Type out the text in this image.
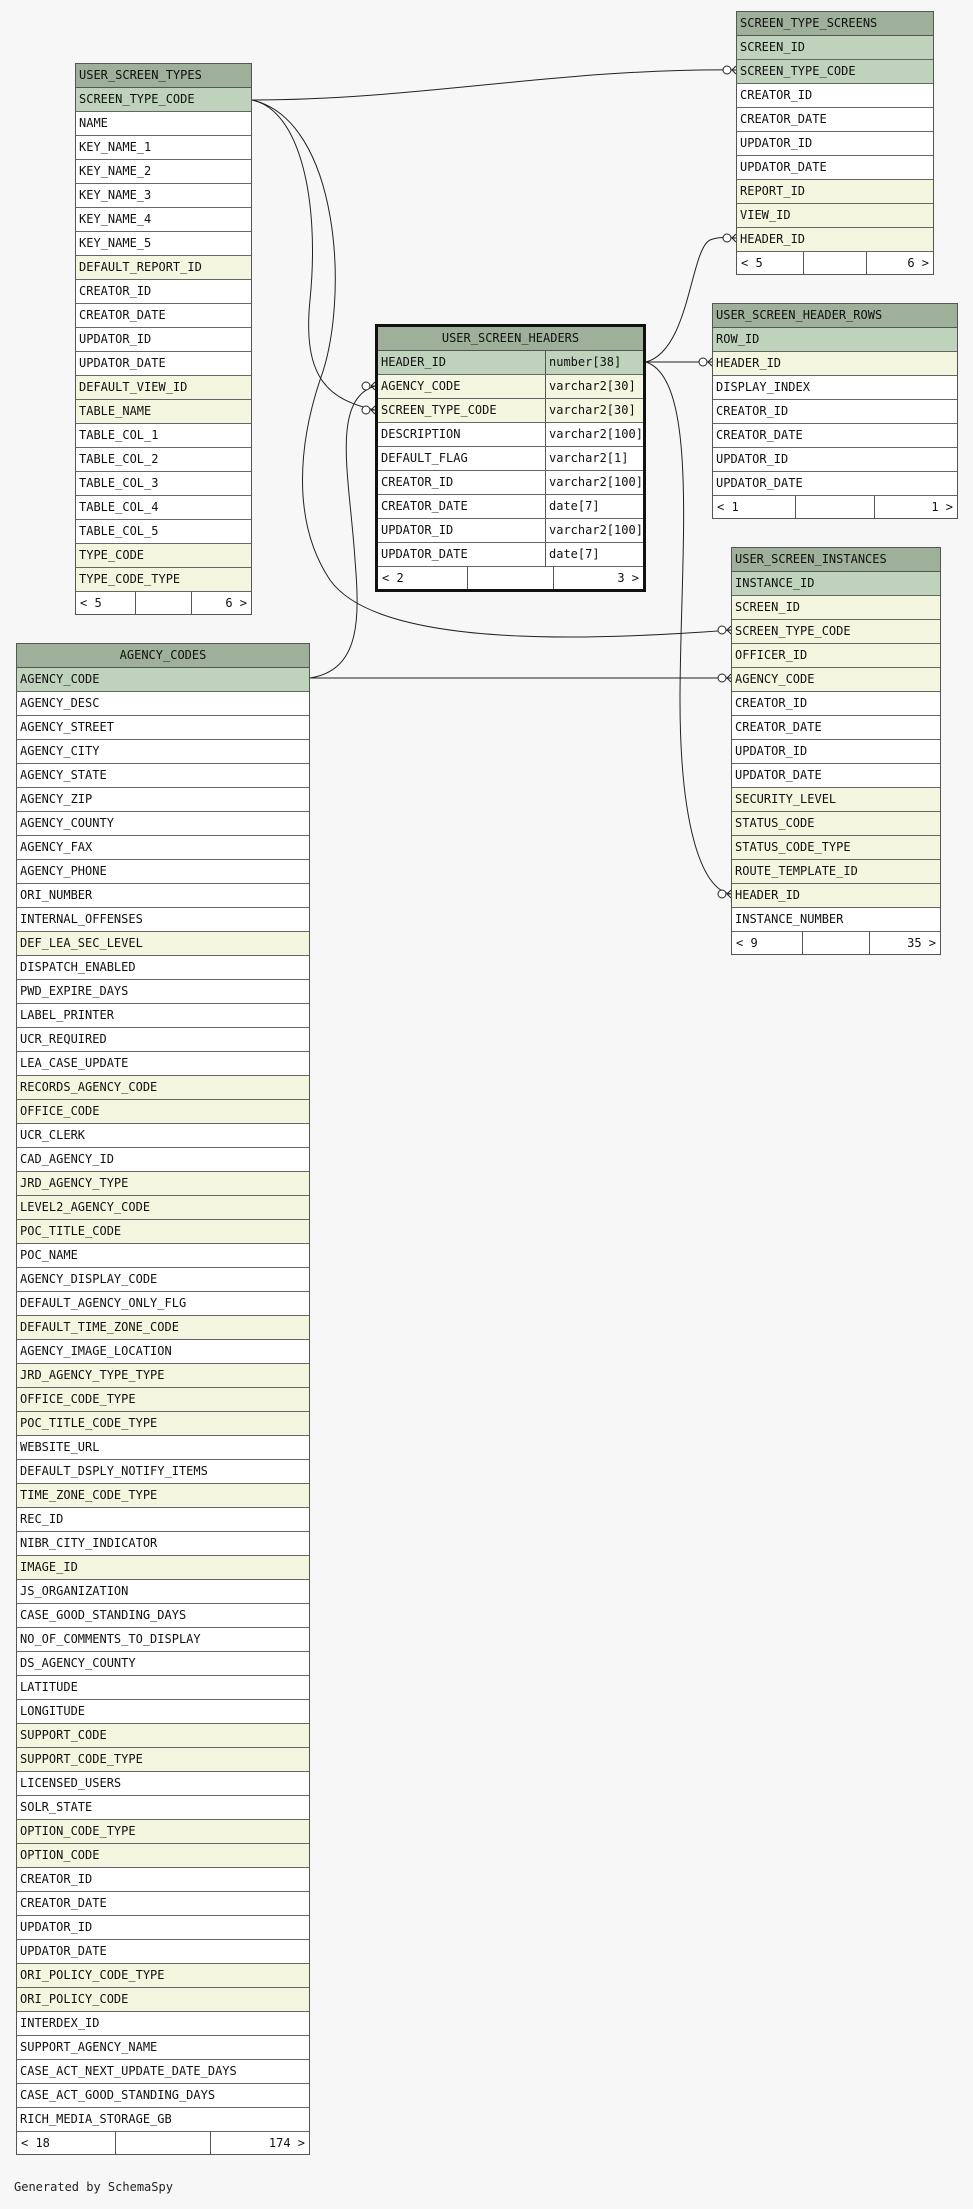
SCREEN_TYPE_SCREENS
SCREEN_ID
SCREEN_TYPE_CODE
CREATOR_ID
CREATOR_DATE
UPDATOR_ID
UPDATOR_DATE
REPORT_ID
VIEW_ID
HEADER_ID
< 5	6 >
USER_SCREEN_TYPES
SCREEN_TYPE_CODE
NAME
KEY_NAME_1
KEY_NAME_2
KEY_NAME_3
KEY_NAME_4
KEY_NAME_5
DEFAULT_REPORT_ID
CREATOR_ID
CREATOR_DATE
UPDATOR_ID
UPDATOR_DATE
DEFAULT_VIEW_ID
TABLE_NAME
TABLE_COL_1
TABLE_COL_2
TABLE_COL_3
TABLE_COL_4
TABLE_COL_5
TYPE_CODE
TYPE_CODE_TYPE
< 5	6 >
USER_SCREEN_HEADER_ROWS
ROW_ID
HEADER_ID
DISPLAY_INDEX
CREATOR_ID
CREATOR_DATE
UPDATOR_ID
UPDATOR_DATE
< 1	1 >
USER_SCREEN_HEADERS
HEADER_ID	number[38]
AGENCY_CODE	varchar2[30]
SCREEN_TYPE_CODE	varchar2[30]
DESCRIPTION	varchar2[100]
DEFAULT_FLAG	varchar2[1]
CREATOR_ID	varchar2[100]
CREATOR_DATE	date[7]
UPDATOR_ID	varchar2[100]
UPDATOR_DATE	date[7]
< 2	3 >
USER_SCREEN_INSTANCES
INSTANCE_ID
SCREEN_ID
SCREEN_TYPE_CODE
OFFICER_ID
AGENCY_CODE
CREATOR_ID
CREATOR_DATE
UPDATOR_ID
UPDATOR_DATE
SECURITY_LEVEL
STATUS_CODE
STATUS_CODE_TYPE
ROUTE_TEMPLATE_ID
HEADER_ID
INSTANCE_NUMBER
< 9	35 >
AGENCY_CODES
AGENCY_CODE
AGENCY_DESC
AGENCY_STREET
AGENCY_CITY
AGENCY_STATE
AGENCY_ZIP
AGENCY_COUNTY
AGENCY_FAX
AGENCY_PHONE
ORI_NUMBER
INTERNAL_OFFENSES
DEF_LEA_SEC_LEVEL
DISPATCH_ENABLED
PWD_EXPIRE_DAYS
LABEL_PRINTER
UCR_REQUIRED
LEA_CASE_UPDATE
RECORDS_AGENCY_CODE
OFFICE_CODE
UCR_CLERK
CAD_AGENCY_ID
JRD_AGENCY_TYPE
LEVEL2_AGENCY_CODE
POC_TITLE_CODE
POC_NAME
AGENCY_DISPLAY_CODE
DEFAULT_AGENCY_ONLY_FLG
DEFAULT_TIME_ZONE_CODE
AGENCY_IMAGE_LOCATION
JRD_AGENCY_TYPE_TYPE
OFFICE_CODE_TYPE
POC_TITLE_CODE_TYPE
WEBSITE_URL
DEFAULT_DSPLY_NOTIFY_ITEMS
TIME_ZONE_CODE_TYPE
REC_ID
NIBR_CITY_INDICATOR
IMAGE_ID
JS_ORGANIZATION
CASE_GOOD_STANDING_DAYS
NO_OF_COMMENTS_TO_DISPLAY
DS_AGENCY_COUNTY
LATITUDE
LONGITUDE
SUPPORT_CODE
SUPPORT_CODE_TYPE
LICENSED_USERS
SOLR_STATE
OPTION_CODE_TYPE
OPTION_CODE
CREATOR_ID
CREATOR_DATE
UPDATOR_ID
UPDATOR_DATE
ORI_POLICY_CODE_TYPE
ORI_POLICY_CODE
INTERDEX_ID
SUPPORT_AGENCY_NAME
CASE_ACT_NEXT_UPDATE_DATE_DAYS
CASE_ACT_GOOD_STANDING_DAYS
RICH_MEDIA_STORAGE_GB
< 18	174 >
Generated by SchemaSpy
